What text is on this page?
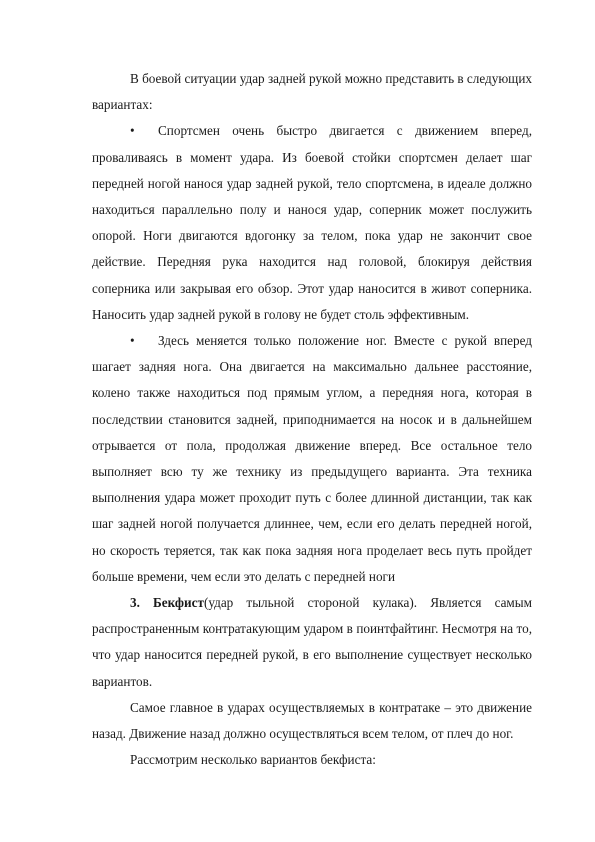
В боевой ситуации удар задней рукой можно представить в следующих вариантах:

• Спортсмен очень быстро двигается с движением вперед, проваливаясь в момент удара. Из боевой стойки спортсмен делает шаг передней ногой нанося удар задней рукой, тело спортсмена, в идеале должно находиться параллельно полу и нанося удар, соперник может послужить опорой. Ноги двигаются вдогонку за телом, пока удар не закончит свое действие. Передняя рука находится над головой, блокируя действия соперника или закрывая его обзор. Этот удар наносится в живот соперника. Наносить удар задней рукой в голову не будет столь эффективным.

• Здесь меняется только положение ног. Вместе с рукой вперед шагает задняя нога. Она двигается на максимально дальнее расстояние, колено также находиться под прямым углом, а передняя нога, которая в последствии становится задней, приподнимается на носок и в дальнейшем отрывается от пола, продолжая движение вперед. Все остальное тело выполняет всю ту же технику из предыдущего варианта. Эта техника выполнения удара может проходит путь с более длинной дистанции, так как шаг задней ногой получается длиннее, чем, если его делать передней ногой, но скорость теряется, так как пока задняя нога проделает весь путь пройдет больше времени, чем если это делать с передней ноги

3. Бекфист(удар тыльной стороной кулака). Является самым распространенным контратакующим ударом в поинтфайтинг. Несмотря на то, что удар наносится передней рукой, в его выполнение существует несколько вариантов.

Самое главное в ударах осуществляемых в контратаке – это движение назад. Движение назад должно осуществляться всем телом, от плеч до ног.

Рассмотрим несколько вариантов бекфиста:
